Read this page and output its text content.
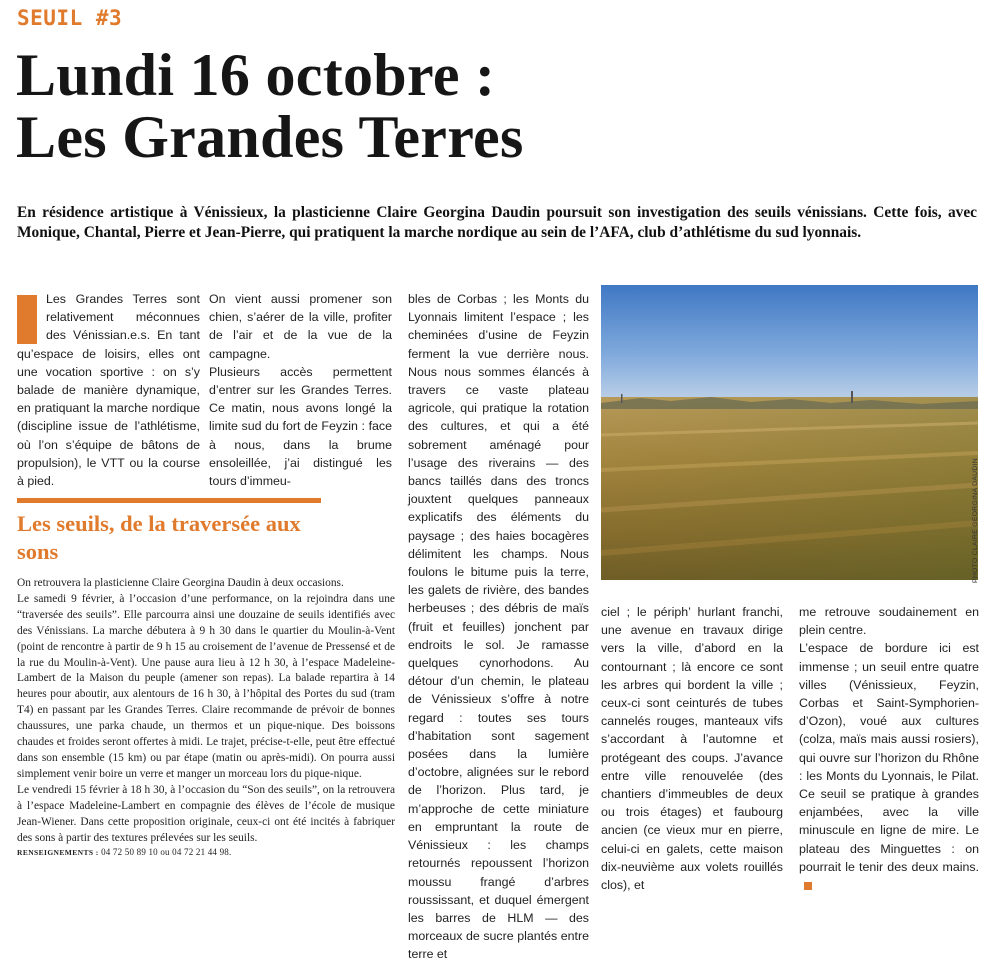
SEUIL #3
Lundi 16 octobre :
Les Grandes Terres

En résidence artistique à Vénissieux, la plasticienne Claire Georgina Daudin poursuit son investigation des seuils vénissians. Cette fois, avec Monique, Chantal, Pierre et Jean-Pierre, qui pratiquent la marche nordique au sein de l’AFA, club d’athlétisme du sud lyonnais.

Les Grandes Terres sont relativement méconnues des Vénissian.e.s. En tant qu’espace de loisirs, elles ont une vocation sportive : on s’y balade de manière dynamique, en pratiquant la marche nordique (discipline issue de l’athlétisme, où l’on s’équipe de bâtons de propulsion), le VTT ou la course à pied.

On vient aussi promener son chien, s’aérer de la ville, profiter de l’air et de la vue de la campagne.

Plusieurs accès permettent d’entrer sur les Grandes Terres. Ce matin, nous avons longé la limite sud du fort de Feyzin : face à nous, dans la brume ensoleillée, j’ai distingué les tours d’immeu-

bles de Corbas ; les Monts du Lyonnais limitent l’espace ; les cheminées d’usine de Feyzin ferment la vue derrière nous. Nous nous sommes élancés à travers ce vaste plateau agricole, qui pratique la rotation des cultures, et qui a été sobrement aménagé pour l’usage des riverains — des bancs taillés dans des troncs jouxtent quelques panneaux explicatifs des éléments du paysage ; des haies bocagères délimitent les champs. Nous foulons le bitume puis la terre, les galets de rivière, des bandes herbeuses ; des débris de maïs (fruit et feuilles) jonchent par endroits le sol. Je ramasse quelques cynorhodons. Au détour d’un chemin, le plateau de Vénissieux s’offre à notre regard : toutes ses tours d’habitation sont sagement posées dans la lumière d’octobre, alignées sur le rebord de l’horizon. Plus tard, je m’approche de cette miniature en empruntant la route de Vénissieux : les champs retournés repoussent l’horizon moussu frangé d’arbres roussissant, et duquel émergent les barres de HLM — des morceaux de sucre plantés entre terre et

PHOTO CLAIRE GEORGINA DAUDIN

ciel ; le périph’ hurlant franchi, une avenue en travaux dirige vers la ville, d’abord en la contournant ; là encore ce sont les arbres qui bordent la ville ; ceux-ci sont ceinturés de tubes cannelés rouges, manteaux vifs s’accordant à l’automne et protégeant des coups. J’avance entre ville renouvelée (des chantiers d’immeubles de deux ou trois étages) et faubourg ancien (ce vieux mur en pierre, celui-ci en galets, cette maison dix-neuvième aux volets rouillés clos), et

me retrouve soudainement en plein centre.

L’espace de bordure ici est immense ; un seuil entre quatre villes (Vénissieux, Feyzin, Corbas et Saint-Symphorien-d’Ozon), voué aux cultures (colza, maïs mais aussi rosiers), qui ouvre sur l’horizon du Rhône : les Monts du Lyonnais, le Pilat. Ce seuil se pratique à grandes enjambées, avec la ville minuscule en ligne de mire. Le plateau des Minguettes : on pourrait le tenir des deux mains.

Les seuils, de la traversée aux sons

On retrouvera la plasticienne Claire Georgina Daudin à deux occasions.

Le samedi 9 février, à l’occasion d’une performance, on la rejoindra dans une “traversée des seuils”. Elle parcourra ainsi une douzaine de seuils identifiés avec des Vénissians. La marche débutera à 9 h 30 dans le quartier du Moulin-à-Vent (point de rencontre à partir de 9 h 15 au croisement de l’avenue de Pressensé et de la rue du Moulin-à-Vent). Une pause aura lieu à 12 h 30, à l’espace Madeleine-Lambert de la Maison du peuple (amener son repas). La balade repartira à 14 heures pour aboutir, aux alentours de 16 h 30, à l’hôpital des Portes du sud (tram T4) en passant par les Grandes Terres. Claire recommande de prévoir de bonnes chaussures, une parka chaude, un thermos et un pique-nique. Des boissons chaudes et froides seront offertes à midi. Le trajet, précise-t-elle, peut être effectué dans son ensemble (15 km) ou par étape (matin ou après-midi). On pourra aussi simplement venir boire un verre et manger un morceau lors du pique-nique.

Le vendredi 15 février à 18 h 30, à l’occasion du “Son des seuils”, on la retrouvera à l’espace Madeleine-Lambert en compagnie des élèves de l’école de musique Jean-Wiener. Dans cette proposition originale, ceux-ci ont été incités à fabriquer des sons à partir des textures prélevées sur les seuils.

RENSEIGNEMENTS : 04 72 50 89 10 ou 04 72 21 44 98.
